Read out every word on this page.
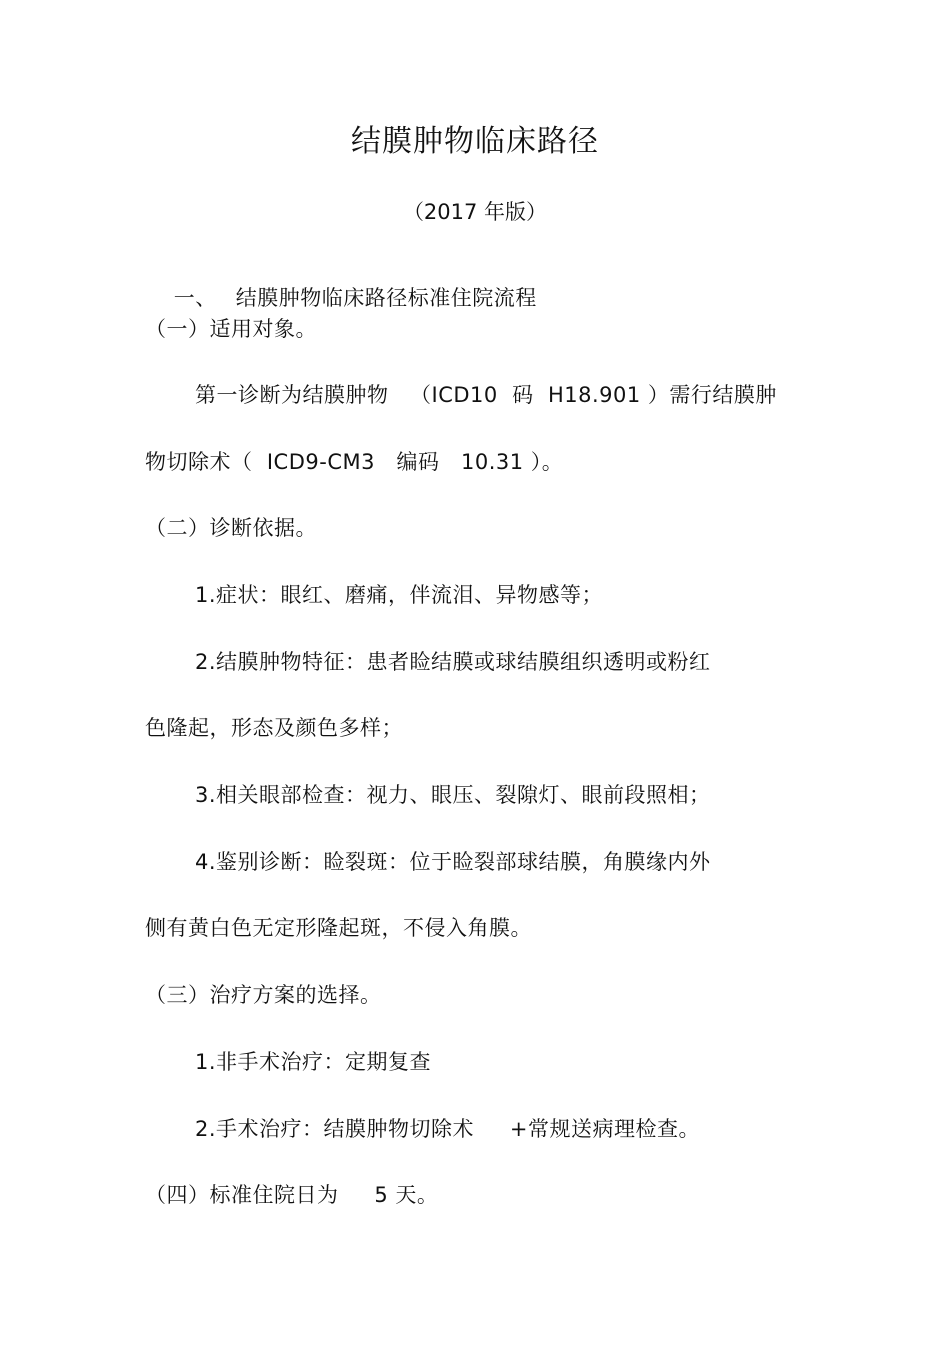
结膜肿物临床路径
（2017 年版）

一、 结膜肿物临床路径标准住院流程

（一）适用对象。
第一诊断为结膜肿物   （ICD10  码  H18.901 ）需行结膜肿
物切除术（  ICD9-CM3   编码   10.31 ）。
（二）诊断依据。
1.症状：眼红、磨痛，伴流泪、异物感等；
2.结膜肿物特征：患者睑结膜或球结膜组织透明或粉红
色隆起，形态及颜色多样；
3.相关眼部检查：视力、眼压、裂隙灯、眼前段照相；
4.鉴别诊断：睑裂斑：位于睑裂部球结膜，角膜缘内外
侧有黄白色无定形隆起斑，不侵入角膜。
（三）治疗方案的选择。
1.非手术治疗：定期复查
2.手术治疗：结膜肿物切除术     +常规送病理检查。
（四）标准住院日为     5 天。
